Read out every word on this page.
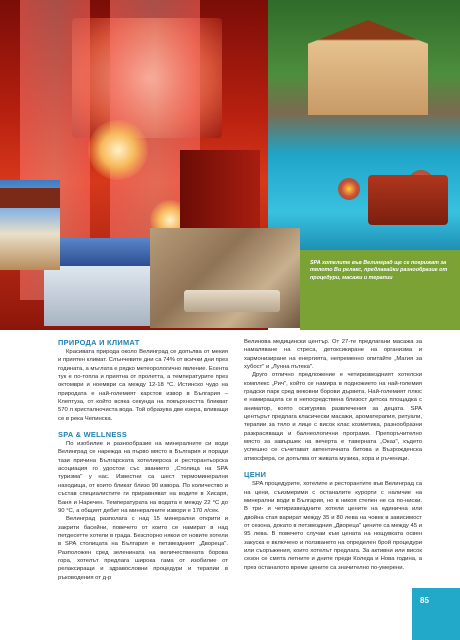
SPA хотелите във Велинград ще се погрижат за тялото Ви релакс, предлагайки разнообразие от процедури, масажи и терапии
ПРИРОДА И КЛИМАТ

Красивата природа около Велинград се допълва от мекия и приятен климат. Слънчевите дни са 74% от всички дни през годината, а мъглата е рядко метеорологично явление. Есента тук е по-топла и приятна от пролетта, а температурите през октомври и ноември са между 12-18 °С. Истинско чудо на природата е най-големият карстов извор в България – Клептуза, от който всяка секунда на повърхността бликват 570 л кристалночиста вода. Той образува две езера, вливащи се в река Чепинска.

SPA & WELLNESS

По изобилие и разнообразие на минералните си води Велинград се нарежда на първо място в България и поради тази причина Българската хотелиерска и ресторантьорска асоциация го удостои със званието „Столица на SPA туризма" у нас. Известни са шест термоминерални находища, от които бликат близо 90 извора. По количество и състав специалистите ги приравняват на водите в Хисаря, Баня и Наречен. Температурата на водата е между 22 °С до 90 °С, а общият дебит на минералните извори е 170 л/сек.

Велинград разполага с над 15 минерални открити и закрити басейни, повечето от които се намират в над петдесетте хотели в града. Безспорно някои от новите хотели в SPA столицата на България е петзвездният „Двореца". Разположен сред зеленината на величествената борова гора, хотелът предлага широка гама от изобилие от релаксиращи и здравословни процедури и терапии в ръководения от д-р

Велинова медицински център. От 27-те предлагани масажа за намаляване на стреса, детоксикиране на организма и хармонизиране на енергията, непременно опитайте „Магия за хубост" и „Лунна пътека".

Друго отлично предложение е четиризвездният хотелски комплекс „Рич", който се намира в подножието на най-големия градски парк сред вековни борови дървета. Най-големият плюс е намиращата се в непосредствена близост детска площадка с аниматор, която осигурява развлечения за децата. SPA центърът предлага класически масажи, ароматерапия, ритуали, терапии за тяло и лице с висок клас козметика, разнообразни разкрасяващи и балнеологични програми. Препоръчително място за завършек на вечерта е таверната „Оказ", където успешно се съчетават автентичната битова и Възрожденска атмосфера, се допълва от живата музика, хора и ръченици.

ЦЕНИ

SPA процедурите, хотелите и ресторантите във Велинград са на цени, съизмерими с останалите курорти с наличие на минерални води в България, но в никоя степен не са по-ниски. В три- и четиризвездните хотели цените на единична или двойна стая варират между 35 и 80 лева на човек в зависимост от сезона, докато в петзвездния „Двореца" цените са между 45 и 95 лева. В повечето случаи към цената на нощувката освен закуска е включено и ползването на определен брой процедури или съоръжения, които хотелът предлага. За активни или висок сезон се смята летните и дните преди Коледа и Нова година, а през останалото време цените са значително по-умерени.

85
